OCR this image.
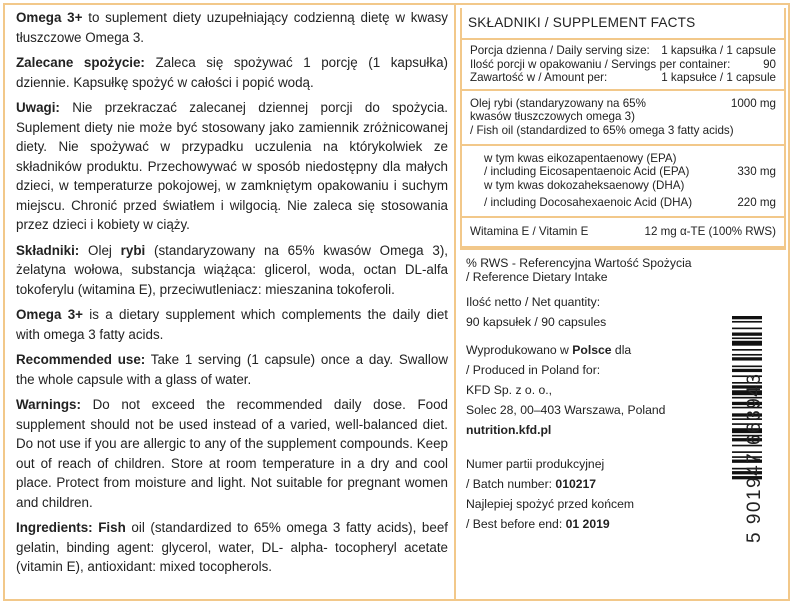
Omega 3+ to suplement diety uzupełniający codzienną dietę w kwasy tłuszczowe Omega 3.

Zalecane spożycie: Zaleca się spożywać 1 porcję (1 kapsułka) dziennie. Kapsułkę spożyć w całości i popić wodą.

Uwagi: Nie przekraczać zalecanej dziennej porcji do spożycia. Suplement diety nie może być stosowany jako zamiennik zróżnicowanej diety. Nie spożywać w przypadku uczulenia na którykolwiek ze składników produktu. Przechowywać w sposób niedostępny dla małych dzieci, w temperaturze pokojowej, w zamkniętym opakowaniu i suchym miejscu. Chronić przed światłem i wilgocią. Nie zaleca się stosowania przez dzieci i kobiety w ciąży.

Składniki: Olej rybi (standaryzowany na 65% kwasów Omega 3), żelatyna wołowa, substancja wiążąca: glicerol, woda, octan DL-alfa tokoferylu (witamina E), przeciwutleniacz: mieszanina tokoferoli.

Omega 3+ is a dietary supplement which complements the daily diet with omega 3 fatty acids.

Recommended use: Take 1 serving (1 capsule) once a day. Swallow the whole capsule with a glass of water.

Warnings: Do not exceed the recommended daily dose. Food supplement should not be used instead of a varied, well-balanced diet. Do not use if you are allergic to any of the supplement compounds. Keep out of reach of children. Store at room temperature in a dry and cool place. Protect from moisture and light. Not suitable for pregnant women and children.

Ingredients: Fish oil (standardized to 65% omega 3 fatty acids), beef gelatin, binding agent: glycerol, water, DL- alpha- tocopheryl acetate (vitamin E), antioxidant: mixed tocopherols.

SKŁADNIKI / SUPPLEMENT FACTS
Porcja dzienna / Daily serving size: 1 kapsułka / 1 capsule
Ilość porcji w opakowaniu / Servings per container:	90
Zawartość w / Amount per:	1 kapsułce / 1 capsule
Olej rybi (standaryzowany na 65%	1000 mg
kwasów tłuszczowych omega 3)
/ Fish oil (standardized to 65% omega 3 fatty acids)
w tym kwas eikozapentaenowy (EPA)
/ including Eicosapentaenoic Acid (EPA)	330 mg
w tym kwas dokozaheksaenowy (DHA)
/ including Docosahexaenoic Acid (DHA)	220 mg
Witamina E / Vitamin E	12 mg α-TE (100% RWS)
% RWS - Referencyjna Wartość Spożycia
/ Reference Dietary Intake
Ilość netto / Net quantity:
90 kapsułek / 90 capsules
Wyprodukowano w Polsce dla
/ Produced in Poland for:
KFD Sp. z o. o.,
Solec 28, 00–403 Warszawa, Poland
nutrition.kfd.pl
Numer partii produkcyjnej
/ Batch number: 010217
Najlepiej spożyć przed końcem
/ Best before end: 01 2019	5 901947 663943
